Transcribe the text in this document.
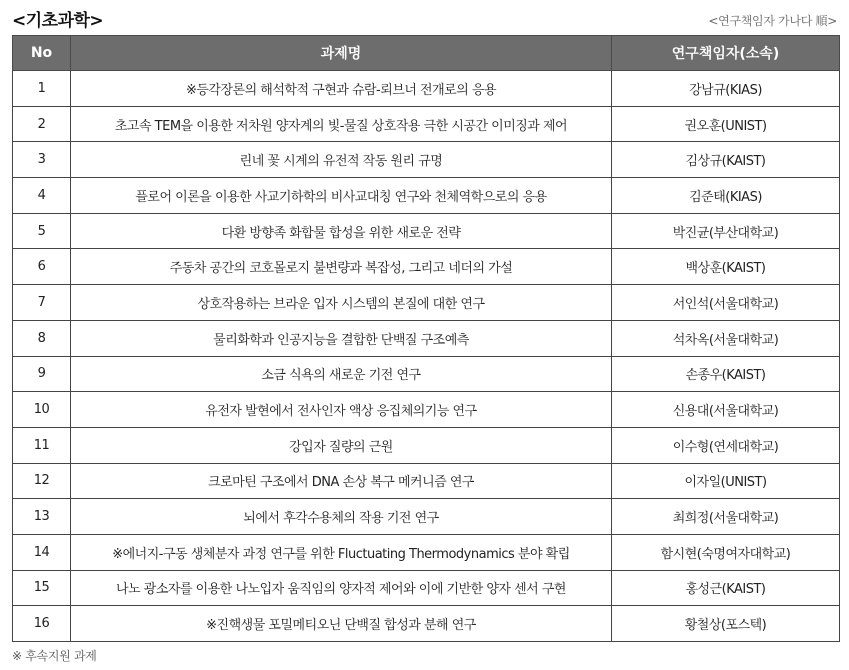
<기초과학>	<연구책임자 가나다 順>
No	과제명	연구책임자(소속)
1	※등각장론의 해석학적 구현과 슈람-뢰브너 전개로의 응용	강남규(KIAS)
2	초고속 TEM을 이용한 저차원 양자계의 빛-물질 상호작용 극한 시공간 이미징과 제어	권오훈(UNIST)
3	린네 꽃 시계의 유전적 작동 원리 규명	김상규(KAIST)
4	플로어 이론을 이용한 사교기하학의 비사교대칭 연구와 천체역학으로의 응용	김준태(KIAS)
5	다환 방향족 화합물 합성을 위한 새로운 전략	박진균(부산대학교)
6	주동차 공간의 코호몰로지 불변량과 복잡성, 그리고 네더의 가설	백상훈(KAIST)
7	상호작용하는 브라운 입자 시스템의 본질에 대한 연구	서인석(서울대학교)
8	물리화학과 인공지능을 결합한 단백질 구조예측	석차옥(서울대학교)
9	소금 식욕의 새로운 기전 연구	손종우(KAIST)
10	유전자 발현에서 전사인자 액상 응집체의기능 연구	신용대(서울대학교)
11	강입자 질량의 근원	이수형(연세대학교)
12	크로마틴 구조에서 DNA 손상 복구 메커니즘 연구	이자일(UNIST)
13	뇌에서 후각수용체의 작용 기전 연구	최희정(서울대학교)
14	※에너지-구동 생체분자 과정 연구를 위한 Fluctuating Thermodynamics 분야 확립	함시현(숙명여자대학교)
15	나노 광소자를 이용한 나노입자 움직임의 양자적 제어와 이에 기반한 양자 센서 구현	홍성근(KAIST)
16	※진핵생물 포밀메티오닌 단백질 합성과 분해 연구	황철상(포스텍)
※ 후속지원 과제
